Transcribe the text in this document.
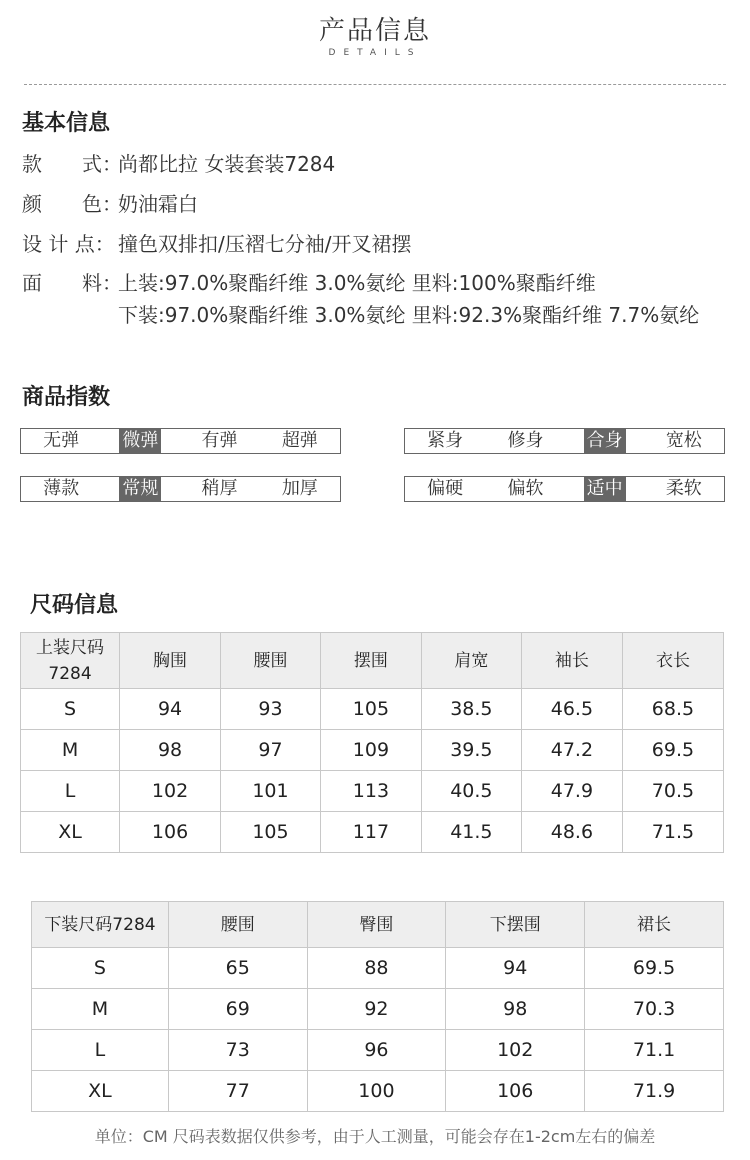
产品信息
DETAILS
基本信息
款　　式：尚都比拉 女装套装7284
颜　　色：奶油霜白
设 计 点： 撞色双排扣/压褶七分袖/开叉裙摆
面　　料：上装:97.0%聚酯纤维 3.0%氨纶 里料:100%聚酯纤维
下装:97.0%聚酯纤维 3.0%氨纶 里料:92.3%聚酯纤维 7.7%氨纶
商品指数
无弹	微弹	有弹	超弹	紧身	修身	合身	宽松
薄款	常规	稍厚	加厚	偏硬	偏软	适中	柔软
尺码信息
上装尺码
7284	胸围	腰围	摆围	肩宽	袖长	衣长
S	94	93	105	38.5	46.5	68.5
M	98	97	109	39.5	47.2	69.5
L	102	101	113	40.5	47.9	70.5
XL	106	105	117	41.5	48.6	71.5
下装尺码7284	腰围	臀围	下摆围	裙长
S	65	88	94	69.5
M	69	92	98	70.3
L	73	96	102	71.1
XL	77	100	106	71.9
单位：CM 尺码表数据仅供参考，由于人工测量，可能会存在1-2cm左右的偏差
